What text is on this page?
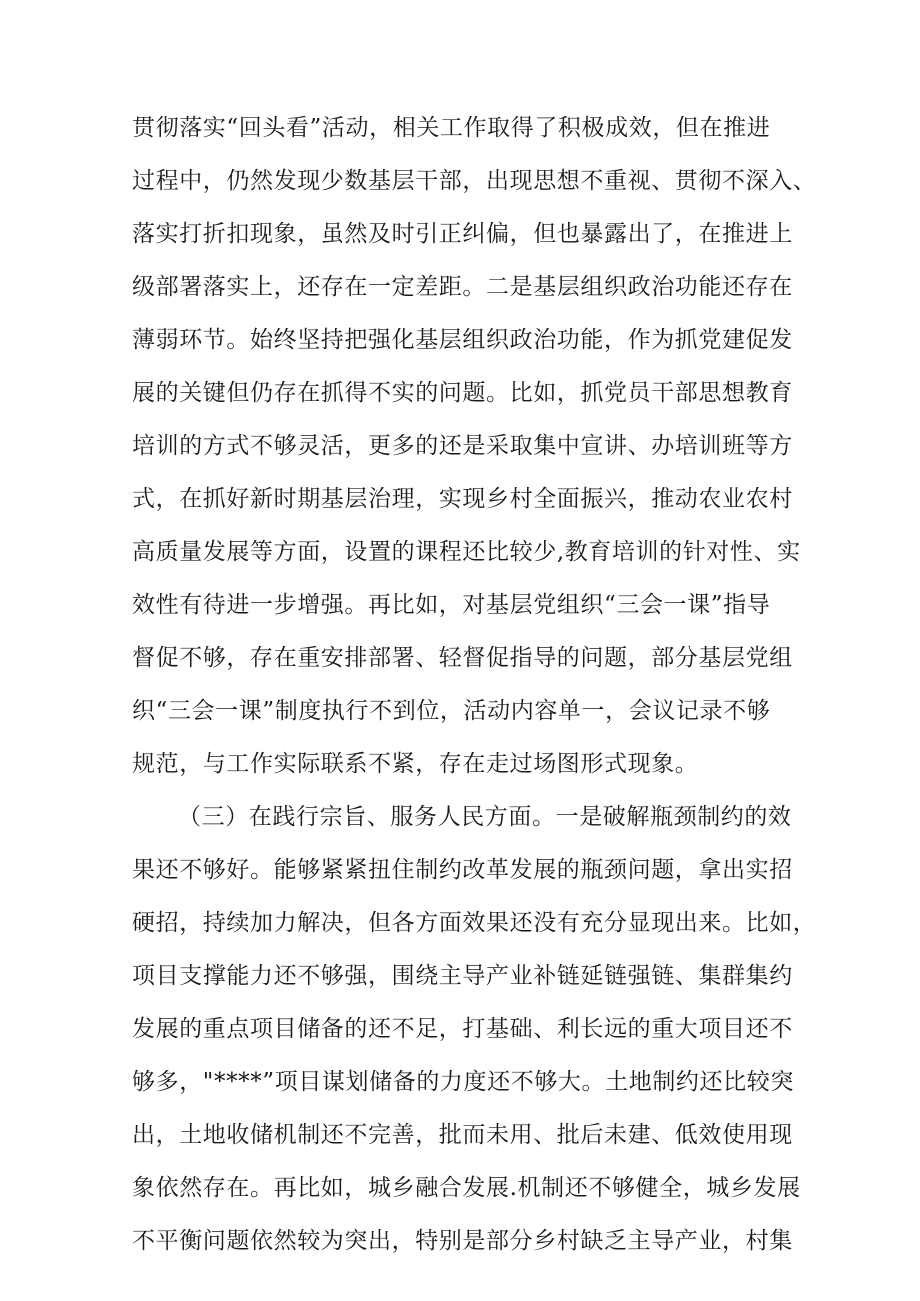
贯彻落实“回头看”活动，相关工作取得了积极成效，但在推进
过程中，仍然发现少数基层干部，出现思想不重视、贯彻不深入、
落实打折扣现象，虽然及时引正纠偏，但也暴露出了，在推进上
级部署落实上，还存在一定差距。二是基层组织政治功能还存在
薄弱环节。始终坚持把强化基层组织政治功能，作为抓党建促发
展的关键但仍存在抓得不实的问题。比如，抓党员干部思想教育
培训的方式不够灵活，更多的还是采取集中宣讲、办培训班等方
式，在抓好新时期基层治理，实现乡村全面振兴，推动农业农村
高质量发展等方面，设置的课程还比较少,教育培训的针对性、实
效性有待进一步增强。再比如，对基层党组织“三会一课”指导
督促不够，存在重安排部署、轻督促指导的问题，部分基层党组
织“三会一课”制度执行不到位，活动内容单一，会议记录不够
规范，与工作实际联系不紧，存在走过场图形式现象。
（三）在践行宗旨、服务人民方面。一是破解瓶颈制约的效
果还不够好。能够紧紧扭住制约改革发展的瓶颈问题，拿出实招
硬招，持续加力解决，但各方面效果还没有充分显现出来。比如，
项目支撑能力还不够强，围绕主导产业补链延链强链、集群集约
发展的重点项目储备的还不足，打基础、利长远的重大项目还不
够多，"****”项目谋划储备的力度还不够大。土地制约还比较突
出，土地收储机制还不完善，批而未用、批后未建、低效使用现
象依然存在。再比如，城乡融合发展.机制还不够健全，城乡发展
不平衡问题依然较为突出，特别是部分乡村缺乏主导产业，村集
